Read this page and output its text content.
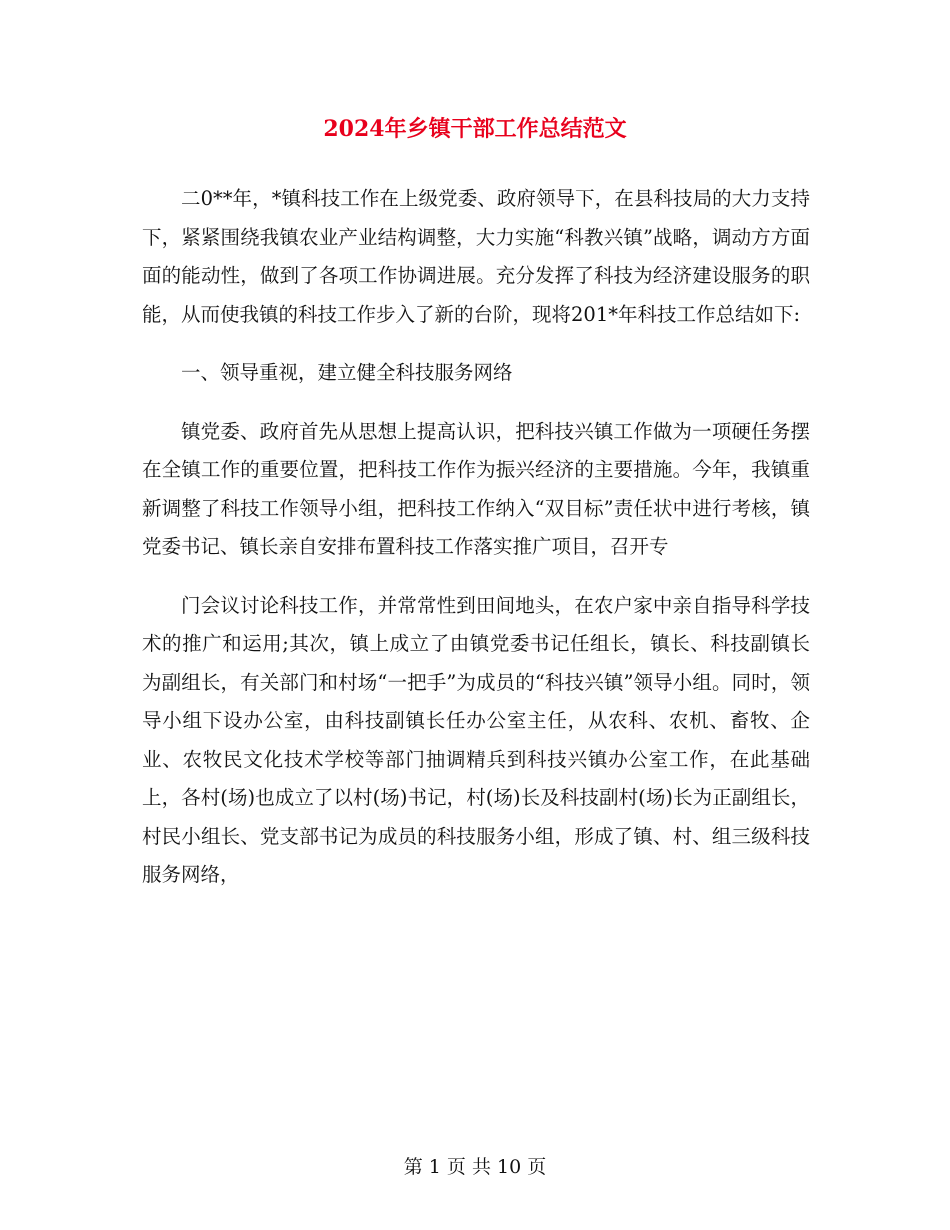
2024年乡镇干部工作总结范文

二0**年，*镇科技工作在上级党委、政府领导下，在县科技局的大力支持下，紧紧围绕我镇农业产业结构调整，大力实施“科教兴镇”战略，调动方方面面的能动性，做到了各项工作协调进展。充分发挥了科技为经济建设服务的职能，从而使我镇的科技工作步入了新的台阶，现将201*年科技工作总结如下:

一、领导重视，建立健全科技服务网络

镇党委、政府首先从思想上提高认识，把科技兴镇工作做为一项硬任务摆在全镇工作的重要位置，把科技工作作为振兴经济的主要措施。今年，我镇重新调整了科技工作领导小组，把科技工作纳入“双目标”责任状中进行考核，镇党委书记、镇长亲自安排布置科技工作落实推广项目，召开专

门会议讨论科技工作，并常常性到田间地头，在农户家中亲自指导科学技术的推广和运用;其次，镇上成立了由镇党委书记任组长，镇长、科技副镇长为副组长，有关部门和村场“一把手”为成员的“科技兴镇”领导小组。同时，领导小组下设办公室，由科技副镇长任办公室主任，从农科、农机、畜牧、企业、农牧民文化技术学校等部门抽调精兵到科技兴镇办公室工作，在此基础上，各村(场)也成立了以村(场)书记，村(场)长及科技副村(场)长为正副组长，村民小组长、党支部书记为成员的科技服务小组，形成了镇、村、组三级科技服务网络，

第 1 页 共 10 页
